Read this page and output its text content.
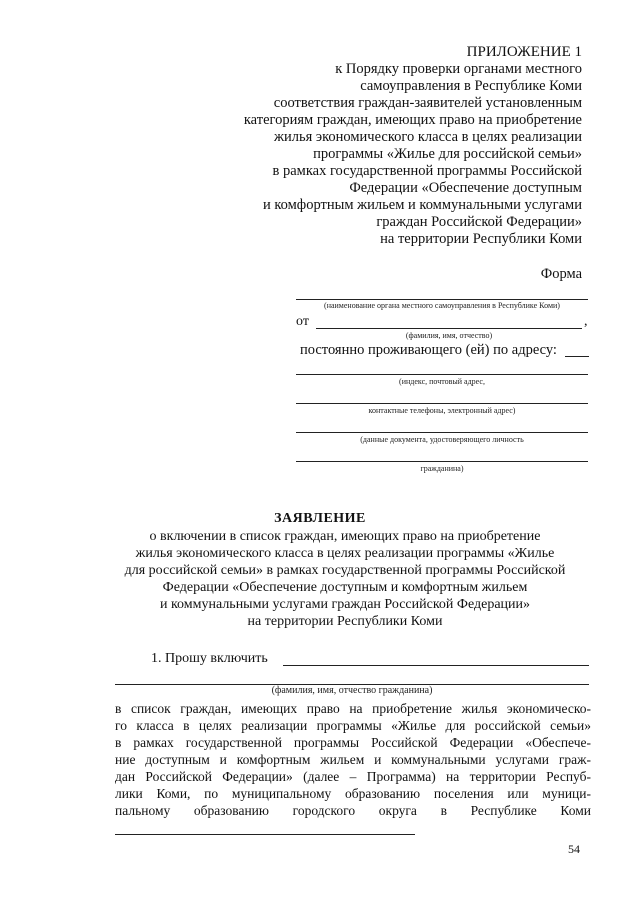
ПРИЛОЖЕНИЕ 1
к Порядку проверки органами местного
самоуправления в Республике Коми
соответствия граждан-заявителей установленным
категориям граждан, имеющих право на приобретение
жилья экономического класса в целях реализации
программы «Жилье для российской семьи»
в рамках государственной программы Российской
Федерации «Обеспечение доступным
и комфортным жильем и коммунальными услугами
граждан Российской Федерации»
на территории Республики Коми
Форма
(наименование органа местного самоуправления в Республике Коми)
от	,
(фамилия, имя, отчество)
постоянно проживающего (ей) по адресу:
(индекс, почтовый адрес,
контактные телефоны, электронный адрес)
(данные документа, удостоверяющего личность
гражданина)
ЗАЯВЛЕНИЕ
о включении в список граждан, имеющих право на приобретение
жилья экономического класса в целях реализации программы «Жилье
для российской семьи» в рамках государственной программы Российской
Федерации «Обеспечение доступным и комфортным жильем
и коммунальными услугами граждан Российской Федерации»
на территории Республики Коми
1. Прошу включить
(фамилия, имя, отчество гражданина)
в список граждан, имеющих право на приобретение жилья экономическо-
го класса в целях реализации программы «Жилье для российской семьи»
в рамках государственной программы Российской Федерации «Обеспече-
ние доступным и комфортным жильем и коммунальными услугами граж-
дан Российской Федерации» (далее – Программа) на территории Респуб-
лики Коми, по муниципальному образованию поселения или муници-
пальному образованию городского округа в Республике Коми
54
